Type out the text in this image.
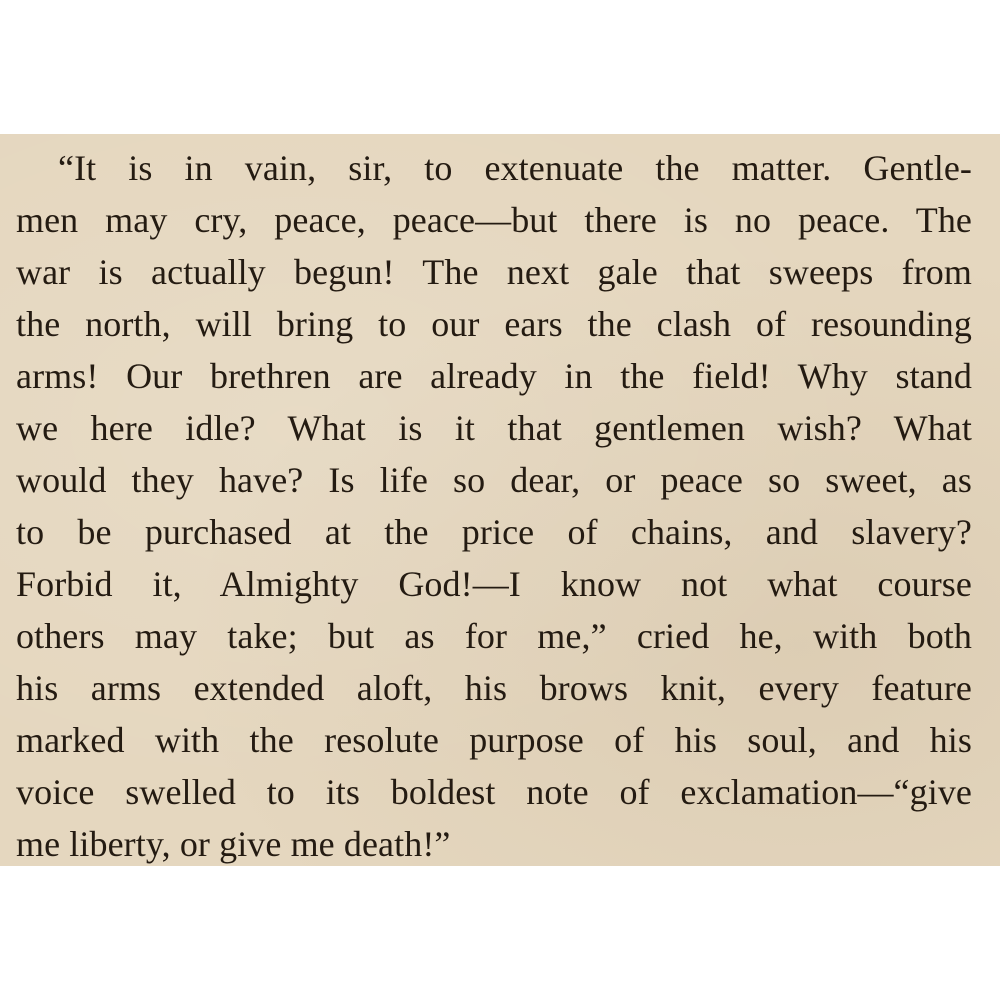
“It is in vain, sir, to extenuate the matter. Gentle-
men may cry, peace, peace—but there is no peace. The
war is actually begun! The next gale that sweeps from
the north, will bring to our ears the clash of resounding
arms! Our brethren are already in the field! Why stand
we here idle? What is it that gentlemen wish? What
would they have? Is life so dear, or peace so sweet, as
to be purchased at the price of chains, and slavery?
Forbid it, Almighty God!—I know not what course
others may take; but as for me,” cried he, with both
his arms extended aloft, his brows knit, every feature
marked with the resolute purpose of his soul, and his
voice swelled to its boldest note of exclamation—“give
me liberty, or give me death!”
